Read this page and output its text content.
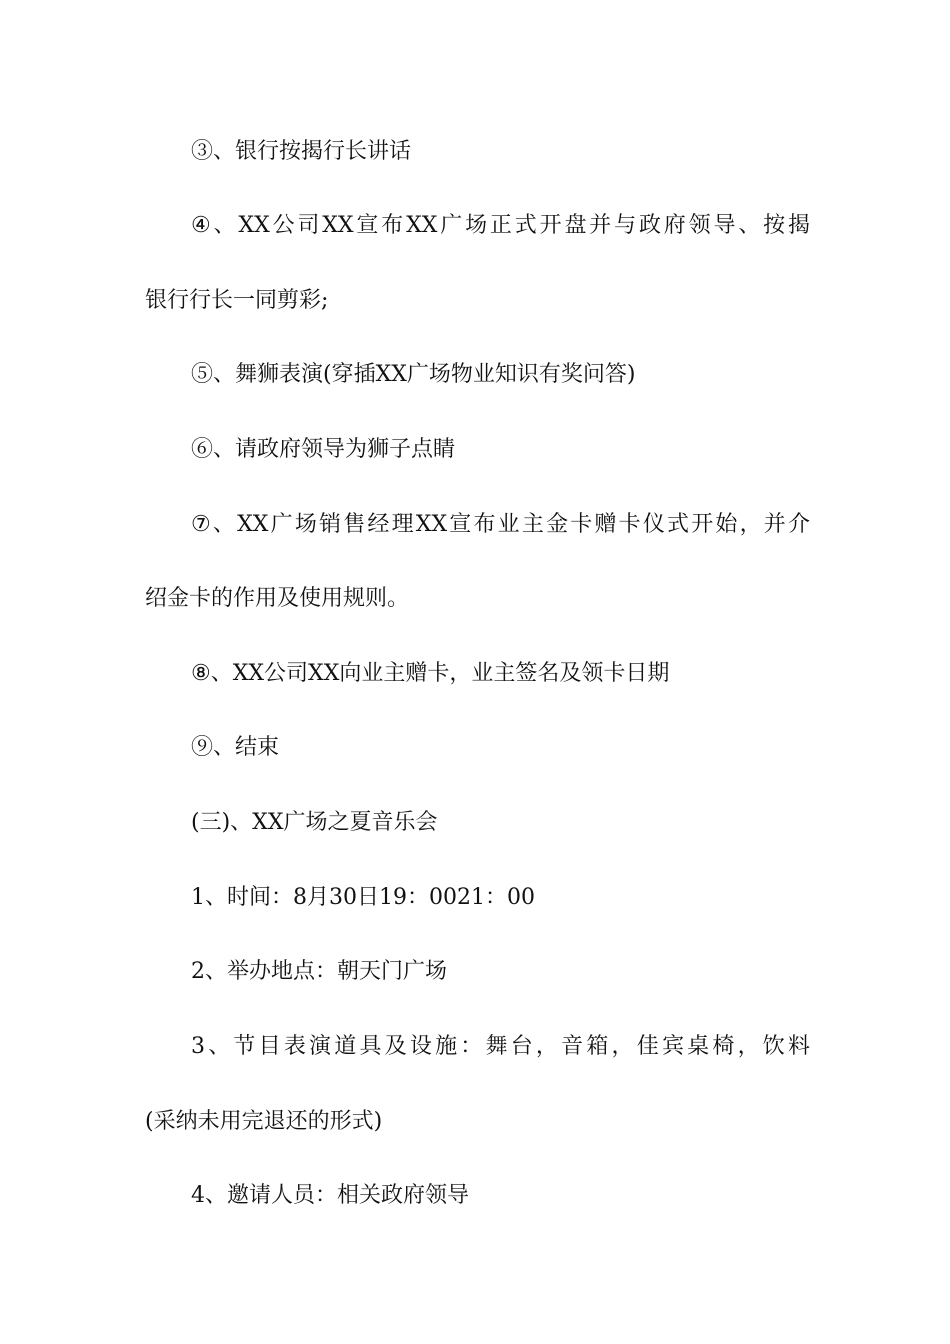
③、银行按揭行长讲话

④、XX公司XX宣布XX广场正式开盘并与政府领导、按揭

银行行长一同剪彩;

⑤、舞狮表演(穿插XX广场物业知识有奖问答)

⑥、请政府领导为狮子点睛

⑦、XX广场销售经理XX宣布业主金卡赠卡仪式开始，并介

绍金卡的作用及使用规则。

⑧、XX公司XX向业主赠卡，业主签名及领卡日期

⑨、结束

(三)、XX广场之夏音乐会

1、时间：8月30日19：0021：00

2、举办地点：朝天门广场

3、节目表演道具及设施：舞台，音箱，佳宾桌椅，饮料

(采纳未用完退还的形式)

4、邀请人员：相关政府领导
